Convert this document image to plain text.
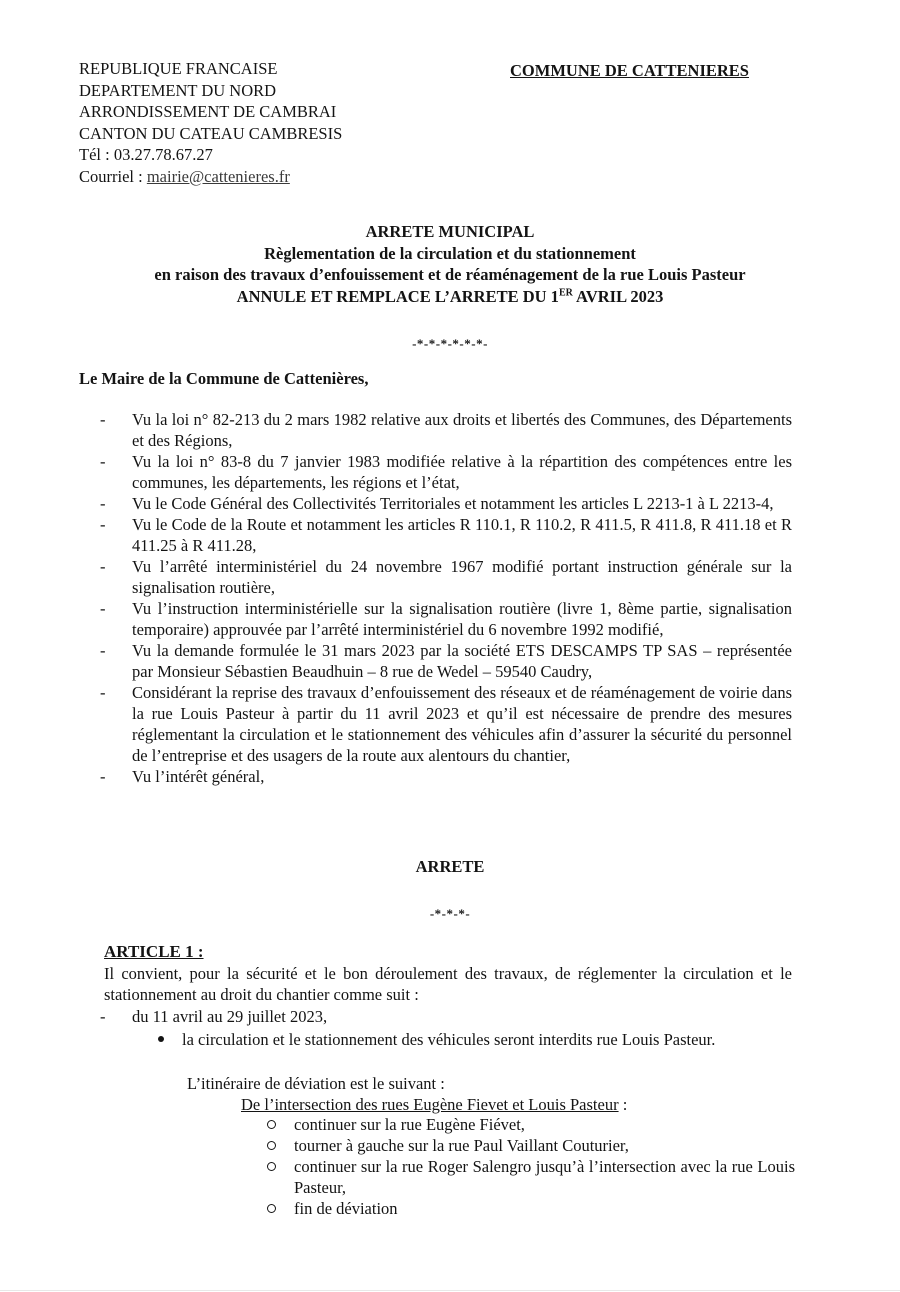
REPUBLIQUE FRANCAISE
DEPARTEMENT DU NORD
ARRONDISSEMENT DE CAMBRAI
CANTON DU CATEAU CAMBRESIS
Tél : 03.27.78.67.27
Courriel : mairie@cattenieres.fr
COMMUNE DE CATTENIERES
ARRETE MUNICIPAL
Règlementation de la circulation et du stationnement
en raison des travaux d’enfouissement et de réaménagement de la rue Louis Pasteur
ANNULE ET REMPLACE L’ARRETE DU 1ER AVRIL 2023
-*-*-*-*-*-*-
Le Maire de la Commune de Cattenières,
- Vu la loi n° 82-213 du 2 mars 1982 relative aux droits et libertés des Communes, des Départements et des Régions,
- Vu la loi n° 83-8 du 7 janvier 1983 modifiée relative à la répartition des compétences entre les communes, les départements, les régions et l’état,
- Vu le Code Général des Collectivités Territoriales et notamment les articles L 2213-1 à L 2213-4,
- Vu le Code de la Route et notamment les articles R 110.1, R 110.2, R 411.5, R 411.8, R 411.18 et R 411.25 à R 411.28,
- Vu l’arrêté interministériel du 24 novembre 1967 modifié portant instruction générale sur la signalisation routière,
- Vu l’instruction interministérielle sur la signalisation routière (livre 1, 8ème partie, signalisation temporaire) approuvée par l’arrêté interministériel du 6 novembre 1992 modifié,
- Vu la demande formulée le 31 mars 2023 par la société ETS DESCAMPS TP SAS – représentée par Monsieur Sébastien Beaudhuin – 8 rue de Wedel – 59540 Caudry,
- Considérant la reprise des travaux d’enfouissement des réseaux et de réaménagement de voirie dans la rue Louis Pasteur à partir du 11 avril 2023 et qu’il est nécessaire de prendre des mesures réglementant la circulation et le stationnement des véhicules afin d’assurer la sécurité du personnel de l’entreprise et des usagers de la route aux alentours du chantier,
- Vu l’intérêt général,
ARRETE
-*-*-*-
ARTICLE 1 :
Il convient, pour la sécurité et le bon déroulement des travaux, de réglementer la circulation et le stationnement au droit du chantier comme suit :
- du 11 avril au 29 juillet 2023,
la circulation et le stationnement des véhicules seront interdits rue Louis Pasteur.
L’itinéraire de déviation est le suivant :
De l’intersection des rues Eugène Fievet et Louis Pasteur :
continuer sur la rue Eugène Fiévet,
tourner à gauche sur la rue Paul Vaillant Couturier,
continuer sur la rue Roger Salengro jusqu’à l’intersection avec la rue Louis Pasteur,
fin de déviation
